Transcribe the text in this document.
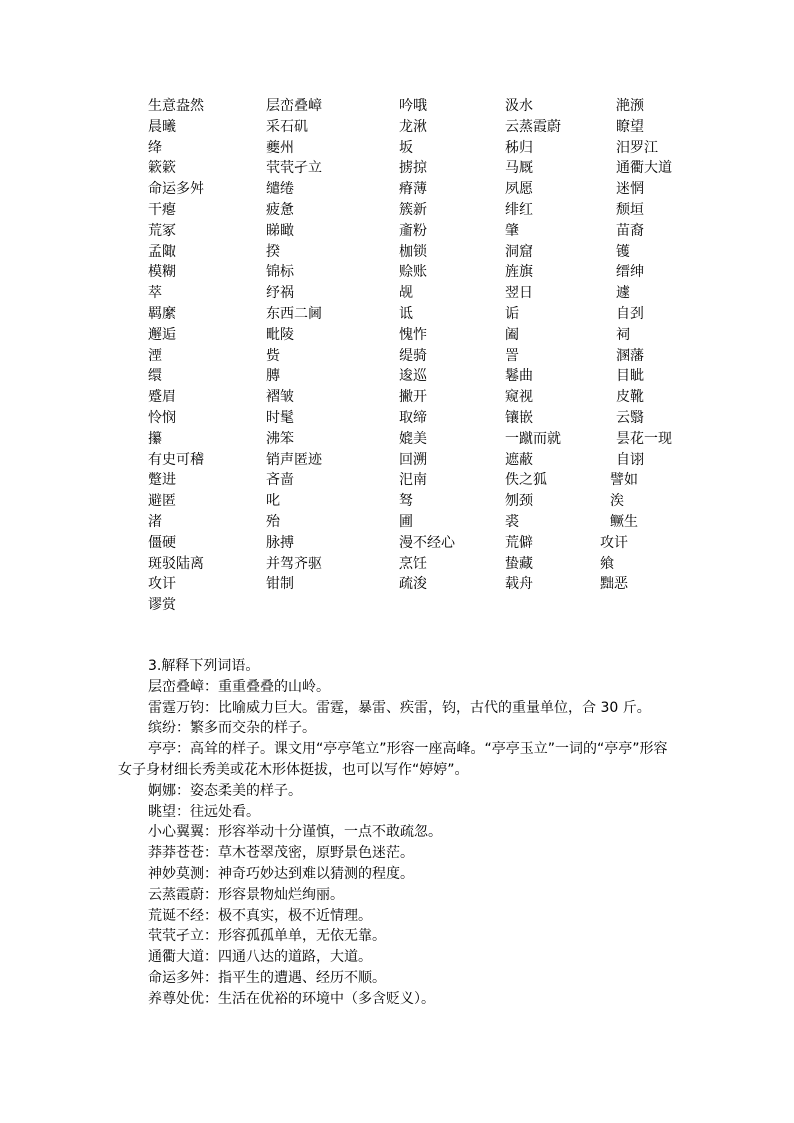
生意盎然	层峦叠嶂	吟哦	汲水	滟滪
晨曦	采石矶	龙湫	云蒸霞蔚	瞭望
绛	夔州	坂	秭归	汨罗江
簌簌	茕茕孑立	掳掠	马厩	通衢大道
命运多舛	缱绻	瘠薄	夙愿	迷惘
干瘪	疲惫	簇新	绯红	颓垣
荒冢	睇瞰	齑粉	肇	苗裔
孟陬	揆	枷锁	洞窟	镬
模糊	锦标	赊账	旌旗	缙绅
萃	纾祸	觇	翌日	遽
羁縻	东西二阃	诋	诟	自刭
邂逅	毗陵	愧怍	阖	祠
湮	赀	缇骑	詈	溷藩
缳	膞	逡巡	鬈曲	目眦
蹙眉	褶皱	撇开	窥视	皮靴
怜悯	时髦	取缔	镶嵌	云翳
攥	沸笨	媲美	一蹴而就	昙花一现
有史可稽	销声匿迹	回溯	遮蔽	自诩
蹩进	吝啬	汜南	佚之狐	譬如
避匿	叱	驽	刎颈	涘
渚	殆	圃	裘	鳜生
僵硬	脉搏	漫不经心	荒僻	攻讦
斑驳陆离	并驾齐驱	烹饪	蛰藏	飨
攻讦	钳制	疏浚	载舟	黜恶
谬赏
3.解释下列词语。
层峦叠嶂：重重叠叠的山岭。
雷霆万钧：比喻威力巨大。雷霆，暴雷、疾雷，钧，古代的重量单位，合 30 斤。
缤纷：繁多而交杂的样子。
亭亭：高耸的样子。课文用“亭亭笔立”形容一座高峰。“亭亭玉立”一词的“亭亭”形容女子身材细长秀美或花木形体挺拔，也可以写作“婷婷”。
婀娜：姿态柔美的样子。
眺望：往远处看。
小心翼翼：形容举动十分谨慎，一点不敢疏忽。
莽莽苍苍：草木苍翠茂密，原野景色迷茫。
神妙莫测：神奇巧妙达到难以猜测的程度。
云蒸霞蔚：形容景物灿烂绚丽。
荒诞不经：极不真实，极不近情理。
茕茕孑立：形容孤孤单单，无依无靠。
通衢大道：四通八达的道路，大道。
命运多舛：指平生的遭遇、经历不顺。
养尊处优：生活在优裕的环境中（多含贬义）。
